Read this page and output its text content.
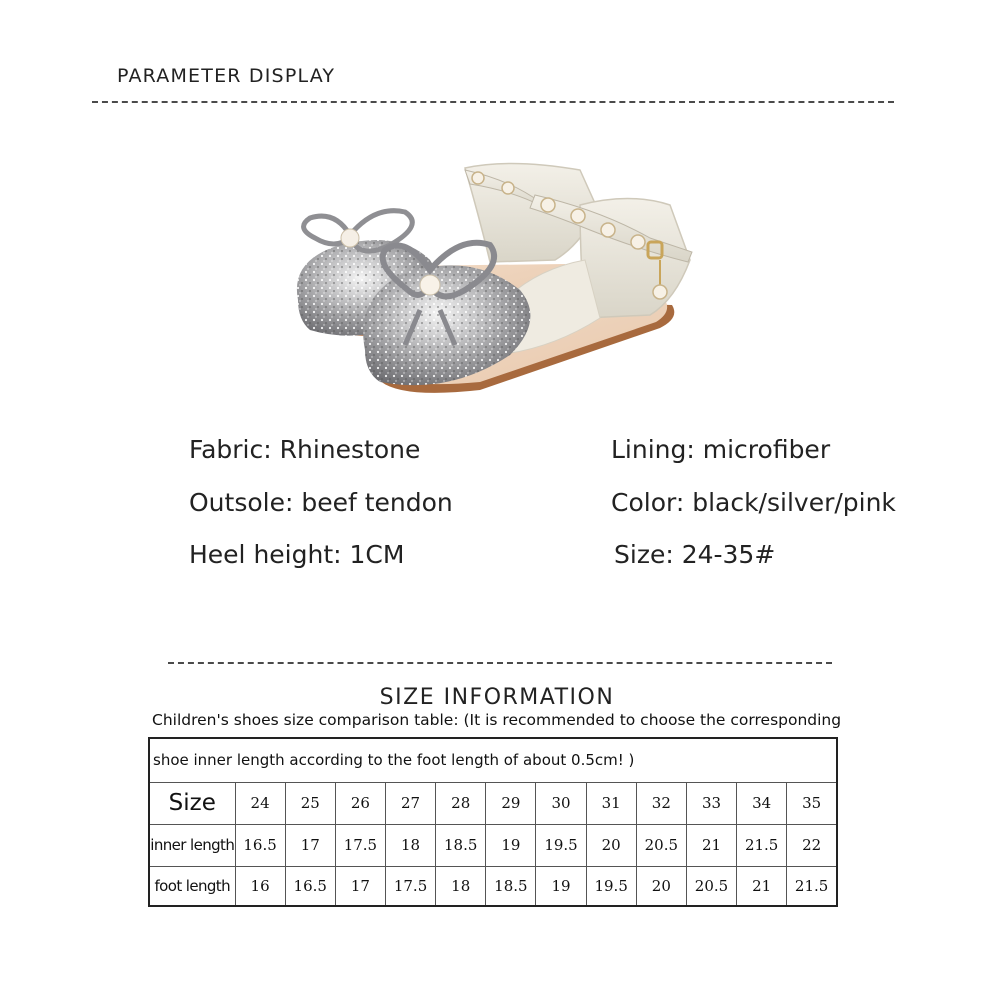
PARAMETER DISPLAY
Fabric: Rhinestone	Lining: microfiber
Outsole: beef tendon	Color: black/silver/pink
Heel height: 1CM	Size: 24-35#
SIZE INFORMATION
Children's shoes size comparison table: (It is recommended to choose the corresponding
shoe inner length according to the foot length of about 0.5cm! )												
Size	24	25	26	27	28	29	30	31	32	33	34	35
inner length	16.5	17	17.5	18	18.5	19	19.5	20	20.5	21	21.5	22
foot length	16	16.5	17	17.5	18	18.5	19	19.5	20	20.5	21	21.5
